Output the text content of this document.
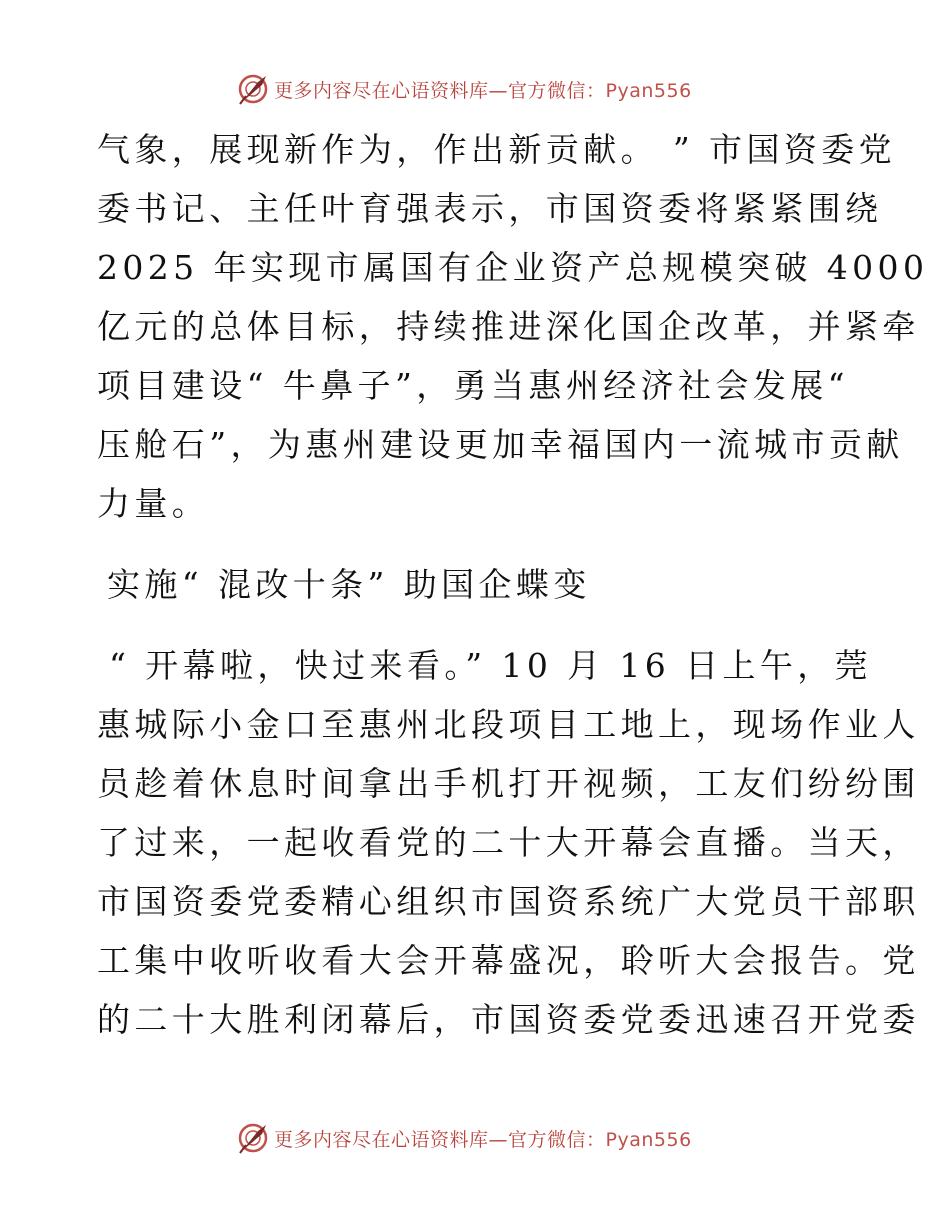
更多内容尽在心语资料库—官方微信：Pyan556
气象，展现新作为，作出新贡献。 ” 市国资委党
委书记、主任叶育强表示，市国资委将紧紧围绕
2025 年实现市属国有企业资产总规模突破 4000
亿元的总体目标，持续推进深化国企改革，并紧牵
项目建设“ 牛鼻子”，勇当惠州经济社会发展“
压舱石”，为惠州建设更加幸福国内一流城市贡献
力量。
实施“ 混改十条” 助国企蝶变
“ 开幕啦，快过来看。” 10 月 16 日上午，莞
惠城际小金口至惠州北段项目工地上，现场作业人
员趁着休息时间拿出手机打开视频，工友们纷纷围
了过来，一起收看党的二十大开幕会直播。当天，
市国资委党委精心组织市国资系统广大党员干部职
工集中收听收看大会开幕盛况，聆听大会报告。党
的二十大胜利闭幕后，市国资委党委迅速召开党委
更多内容尽在心语资料库—官方微信：Pyan556
